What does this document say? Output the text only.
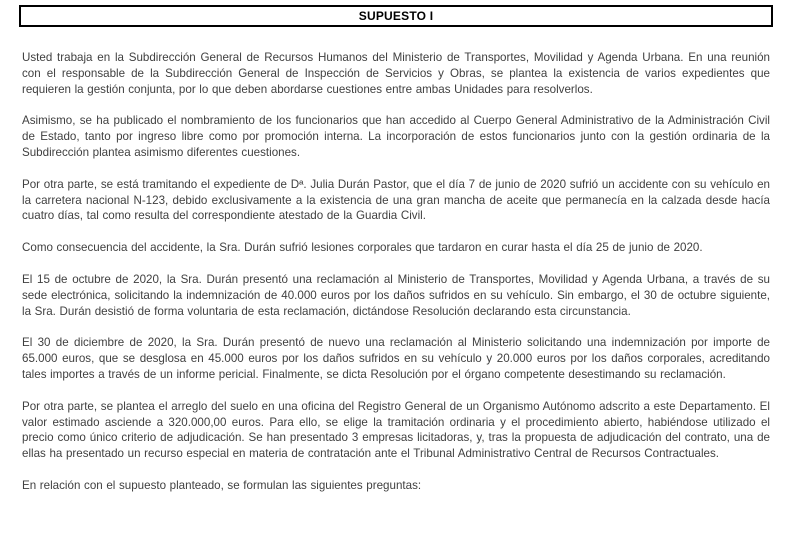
SUPUESTO I

Usted trabaja en la Subdirección General de Recursos Humanos del Ministerio de Transportes, Movilidad y Agenda Urbana. En una reunión con el responsable de la Subdirección General de Inspección de Servicios y Obras, se plantea la existencia de varios expedientes que requieren la gestión conjunta, por lo que deben abordarse cuestiones entre ambas Unidades para resolverlos.

Asimismo, se ha publicado el nombramiento de los funcionarios que han accedido al Cuerpo General Administrativo de la Administración Civil de Estado, tanto por ingreso libre como por promoción interna. La incorporación de estos funcionarios junto con la gestión ordinaria de la Subdirección plantea asimismo diferentes cuestiones.

Por otra parte, se está tramitando el expediente de Dª. Julia Durán Pastor, que el día 7 de junio de 2020 sufrió un accidente con su vehículo en la carretera nacional N-123, debido exclusivamente a la existencia de una gran mancha de aceite que permanecía en la calzada desde hacía cuatro días, tal como resulta del correspondiente atestado de la Guardia Civil.

Como consecuencia del accidente, la Sra. Durán sufrió lesiones corporales que tardaron en curar hasta el día 25 de junio de 2020.

El 15 de octubre de 2020, la Sra. Durán presentó una reclamación al Ministerio de Transportes, Movilidad y Agenda Urbana, a través de su sede electrónica, solicitando la indemnización de 40.000 euros por los daños sufridos en su vehículo. Sin embargo, el 30 de octubre siguiente, la Sra. Durán desistió de forma voluntaria de esta reclamación, dictándose Resolución declarando esta circunstancia.

El 30 de diciembre de 2020, la Sra. Durán presentó de nuevo una reclamación al Ministerio solicitando una indemnización por importe de 65.000 euros, que se desglosa en 45.000 euros por los daños sufridos en su vehículo y 20.000 euros por los daños corporales, acreditando tales importes a través de un informe pericial. Finalmente, se dicta Resolución por el órgano competente desestimando su reclamación.

Por otra parte, se plantea el arreglo del suelo en una oficina del Registro General de un Organismo Autónomo adscrito a este Departamento. El valor estimado asciende a 320.000,00 euros. Para ello, se elige la tramitación ordinaria y el procedimiento abierto, habiéndose utilizado el precio como único criterio de adjudicación. Se han presentado 3 empresas licitadoras, y, tras la propuesta de adjudicación del contrato, una de ellas ha presentado un recurso especial en materia de contratación ante el Tribunal Administrativo Central de Recursos Contractuales.

En relación con el supuesto planteado, se formulan las siguientes preguntas:
